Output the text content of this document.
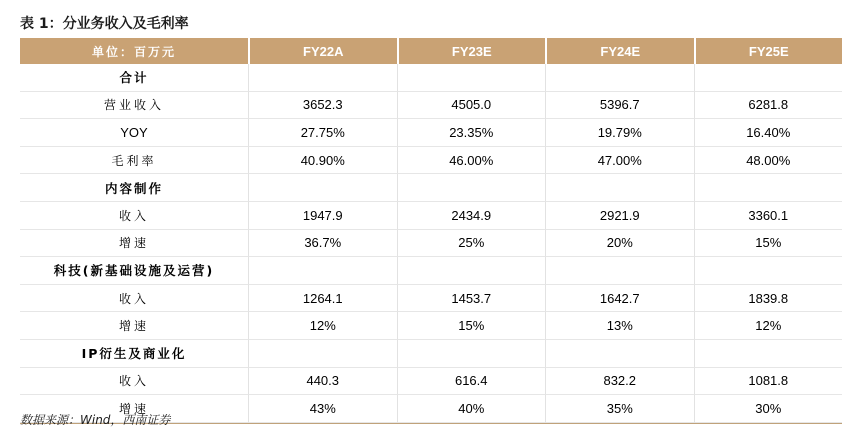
表 1：分业务收入及毛利率
单位：百万元	FY22A	FY23E	FY24E	FY25E
合计				
营业收入	3652.3	4505.0	5396.7	6281.8
YOY	27.75%	23.35%	19.79%	16.40%
毛利率	40.90%	46.00%	47.00%	48.00%
内容制作				
收入	1947.9	2434.9	2921.9	3360.1
增速	36.7%	25%	20%	15%
科技(新基础设施及运营)				
收入	1264.1	1453.7	1642.7	1839.8
增速	12%	15%	13%	12%
IP衍生及商业化				
收入	440.3	616.4	832.2	1081.8
增速	43%	40%	35%	30%
数据来源：Wind，西南证券
